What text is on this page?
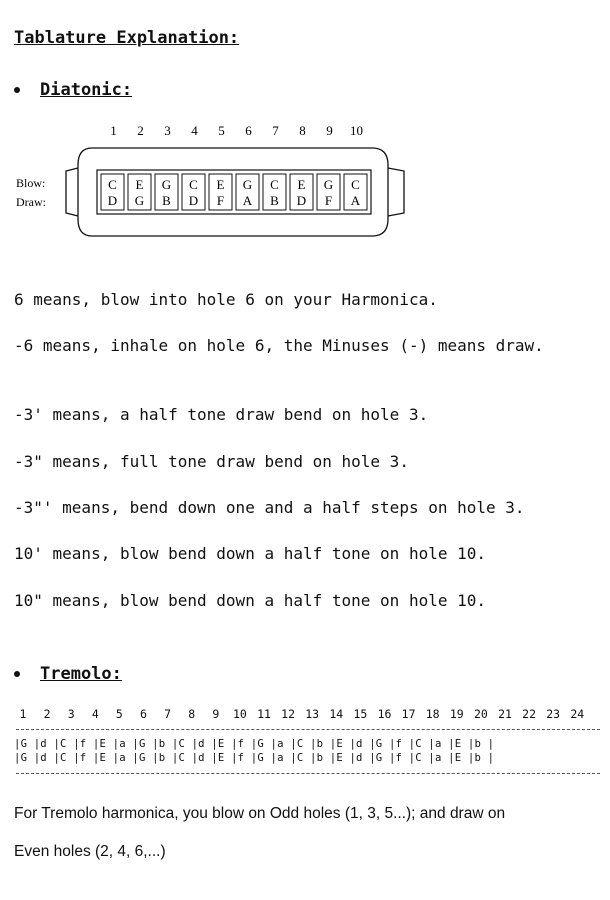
Tablature Explanation:
Diatonic:
1 2 3 4 5 6 7 8 9 10
Blow:
Draw:
C
D
E
G
G
B
C
D
E
F
G
A
C
B
E
D
G
F
C
A
6 means, blow into hole 6 on your Harmonica.
-6 means, inhale on hole 6, the Minuses (-) means draw.
-3' means, a half tone draw bend on hole 3.
-3" means, full tone draw bend on hole 3.
-3"' means, bend down one and a half steps on hole 3.
10' means, blow bend down a half tone on hole 10.
10" means, blow bend down a half tone on hole 10.
Tremolo:
1 2 3 4 5 6 7 8 9 10 11 12 13 14 15 16 17 18 19 20 21 22 23 24
|G |d |C |f |E |a |G |b |C |d |E |f |G |a |C |b |E |d |G |f |C |a |E |b |
|G |d |C |f |E |a |G |b |C |d |E |f |G |a |C |b |E |d |G |f |C |a |E |b |
For Tremolo harmonica, you blow on Odd holes (1, 3, 5...); and draw on
Even holes (2, 4, 6,...)
